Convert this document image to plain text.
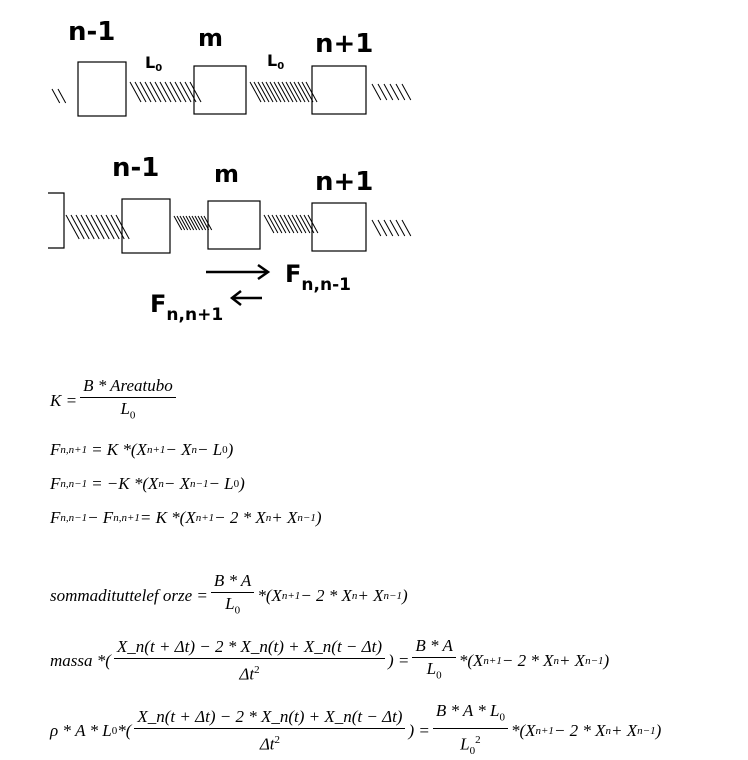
n-1	m	n+1
L0	L0
n-1 m	n+1
$F_{n,n-1}$
$F_{n,n+1}$
$K = \frac{\text{B * Areatubo}}{L_0}$
F n,n+1 = K *(X n+1 − X n − L 0 )
F n,n−1 = −K *(X n − X n−1 − L 0 )
F n,n−1 − F n,n+1 = K *(X n+1 − 2 * X n + X n−1 )
sommadituttelef orze = $\frac{B * A}{L_0} *(X$ n+1 − 2 * X n + X n−1 )
massa *( $\frac{X\_n(t + \Delta t) - 2 * X\_n(t) + X\_n(t - \Delta t)}{\Delta t^2}$ ) = $\frac{B * A}{L_0} *(X$ n+1 − 2 * X n + X n−1 )
ρ * A * L 0 *( $\frac{X\_n(t + \Delta t) - 2 * X\_n(t) + X\_n(t - \Delta t)}{\Delta t^2}$ ) = $\frac{B * A * L_0}{L_0^2} *(X$ n+1 − 2 * X n + X n−1 )
